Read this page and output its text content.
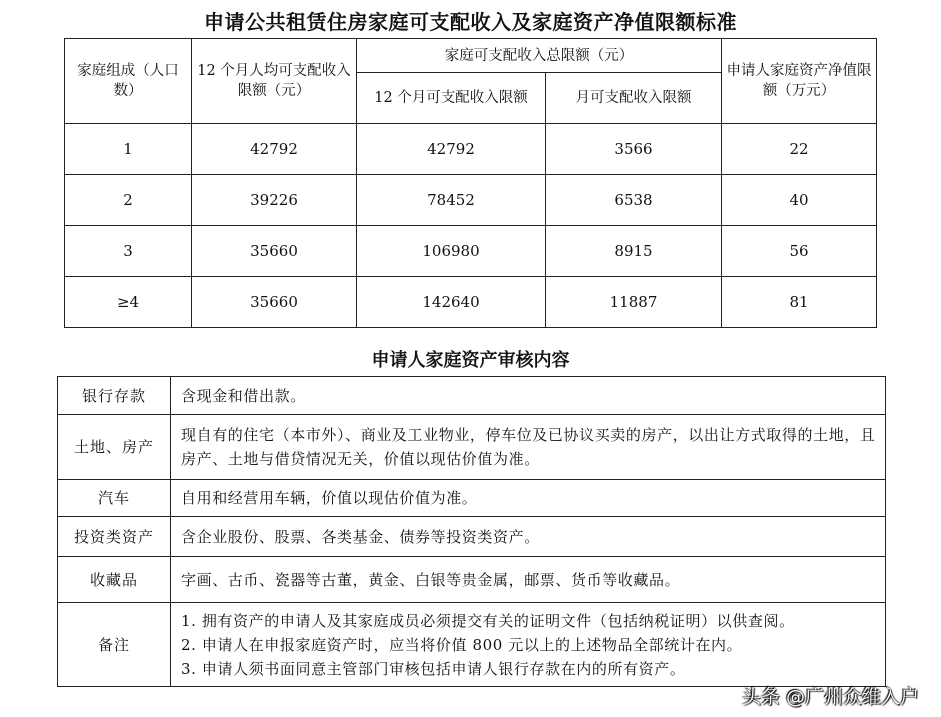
申请公共租赁住房家庭可支配收入及家庭资产净值限额标准
家庭组成（人口数）	12 个月人均可支配收入限额（元）	家庭可支配收入总限额（元）		申请人家庭资产净值限额（万元）
		12 个月可支配收入限额	月可支配收入限额	
1	42792	42792	3566	22
2	39226	78452	6538	40
3	35660	106980	8915	56
≥4	35660	142640	11887	81
申请人家庭资产审核内容
银行存款	含现金和借出款。

土地、房产	现自有的住宅（本市外）、商业及工业物业，停车位及已协议买卖的房产，以出让方式取得的土地，且房产、土地与借贷情况无关，价值以现估价值为准。

汽车	自用和经营用车辆，价值以现估价值为准。

投资类资产	含企业股份、股票、各类基金、债券等投资类资产。

收藏品	字画、古币、瓷器等古董，黄金、白银等贵金属，邮票、货币等收藏品。

备注	1. 拥有资产的申请人及其家庭成员必须提交有关的证明文件（包括纳税证明）以供查阅。
2. 申请人在申报家庭资产时，应当将价值 800 元以上的上述物品全部统计在内。
3. 申请人须书面同意主管部门审核包括申请人银行存款在内的所有资产。
头条 @广州众维入户
